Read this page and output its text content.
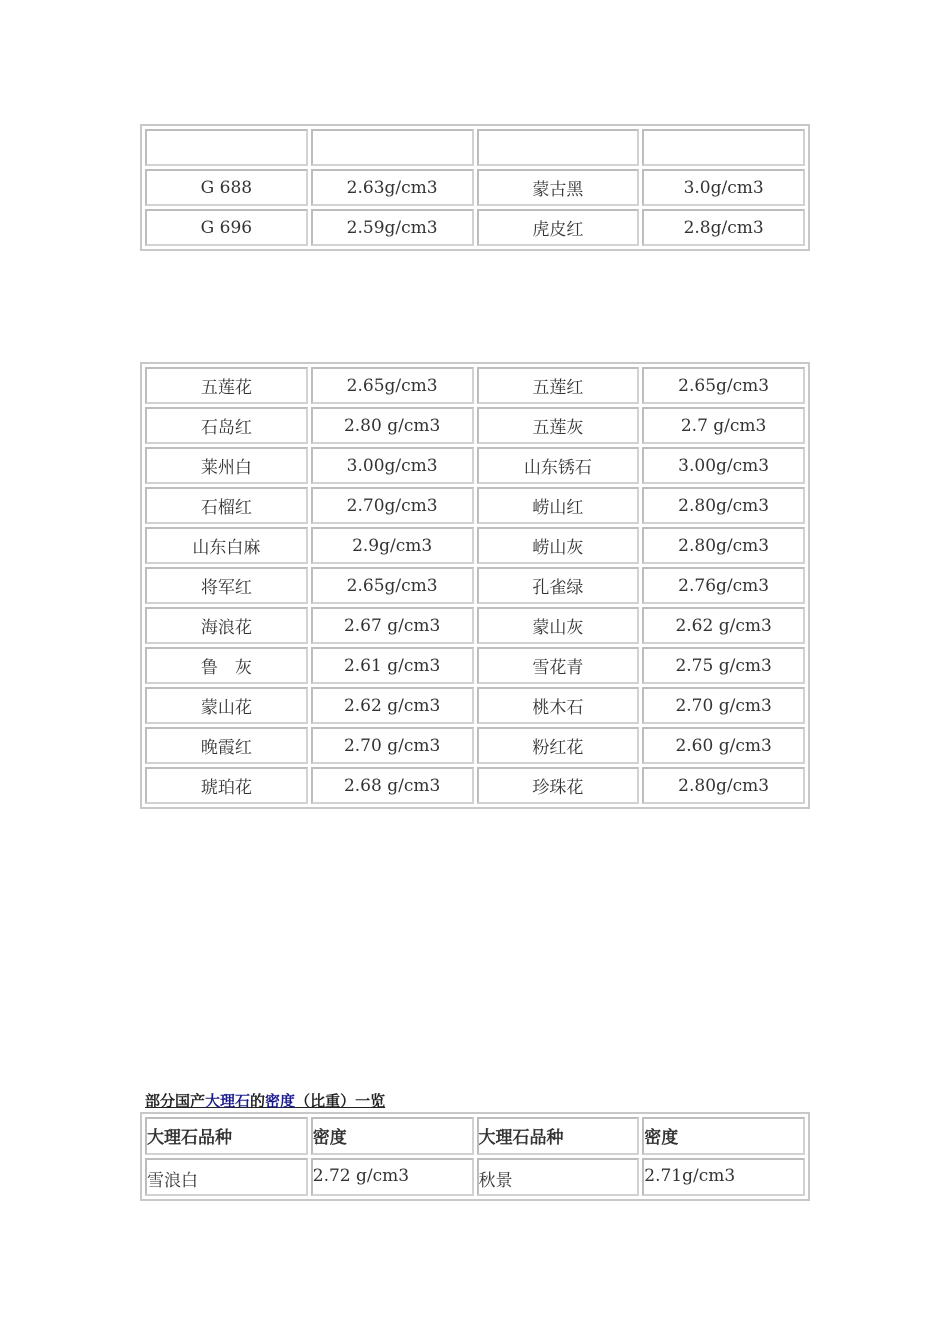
G 688	2.63g/cm3	蒙古黑	3.0g/cm3
G 696	2.59g/cm3	虎皮红	2.8g/cm3
五莲花	2.65g/cm3	五莲红	2.65g/cm3
石岛红	2.80 g/cm3	五莲灰	2.7 g/cm3
莱州白	3.00g/cm3	山东锈石	3.00g/cm3
石榴红	2.70g/cm3	崂山红	2.80g/cm3
山东白麻	2.9g/cm3	崂山灰	2.80g/cm3
将军红	2.65g/cm3	孔雀绿	2.76g/cm3
海浪花	2.67 g/cm3	蒙山灰	2.62 g/cm3
鲁　灰	2.61 g/cm3	雪花青	2.75 g/cm3
蒙山花	2.62 g/cm3	桃木石	2.70 g/cm3
晚霞红	2.70 g/cm3	粉红花	2.60 g/cm3
琥珀花	2.68 g/cm3	珍珠花	2.80g/cm3
部分国产大理石的密度（比重）一览
大理石品种	密度	大理石品种	密度
雪浪白	2.72 g/cm3	秋景	2.71g/cm3
